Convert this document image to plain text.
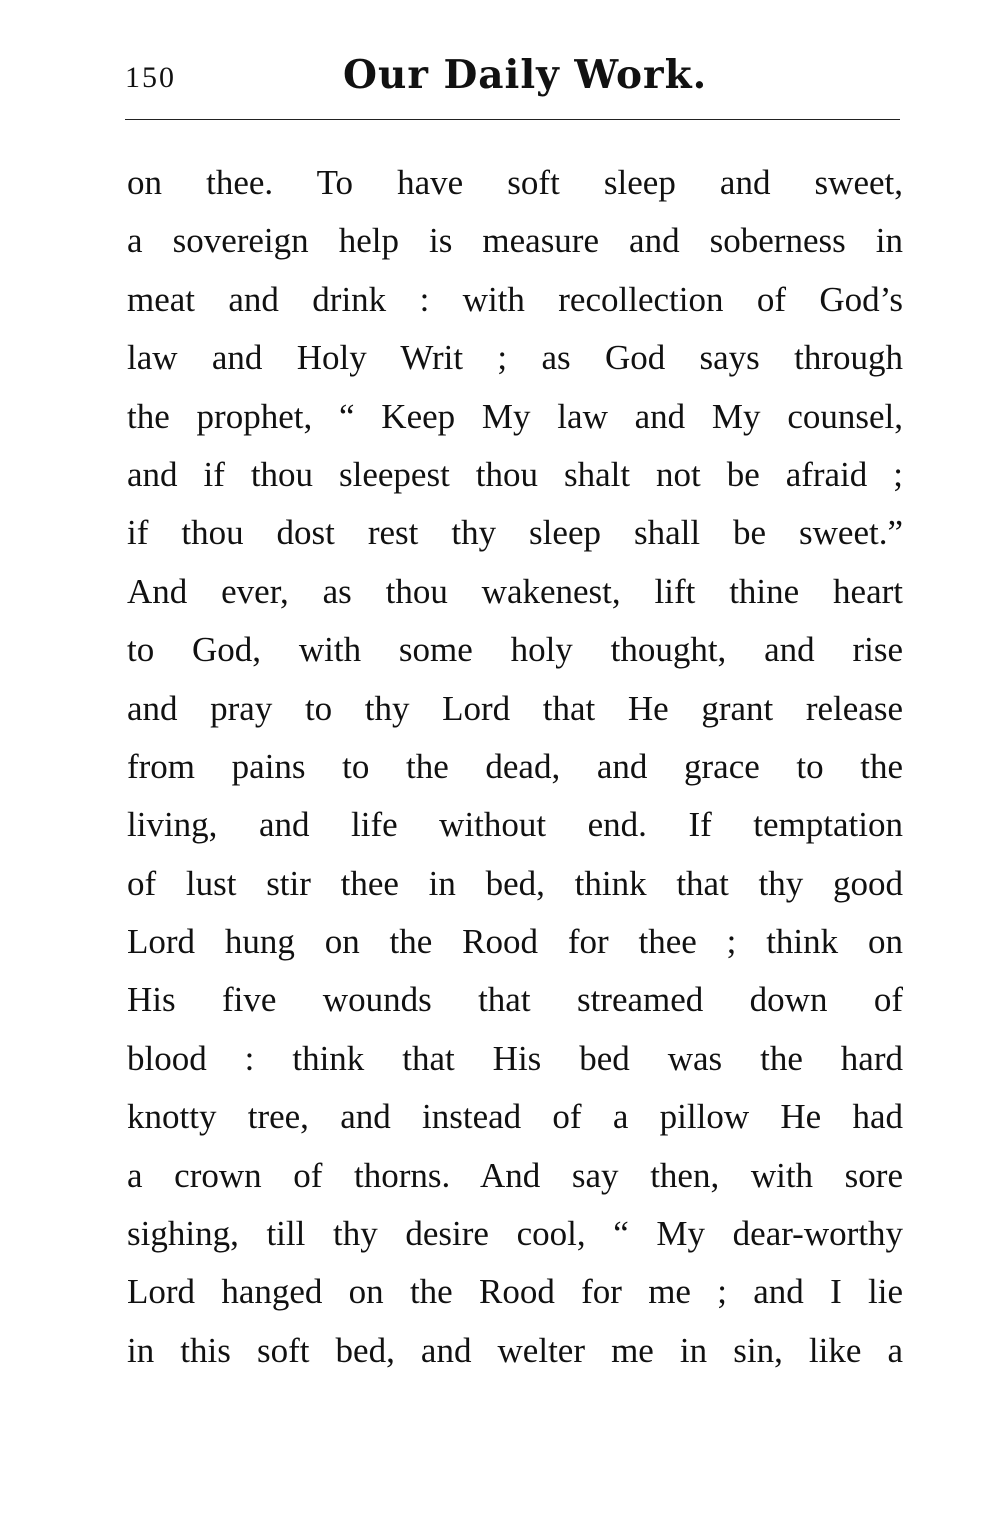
150	Our Daily Work.
on thee. To have soft sleep and sweet,
a sovereign help is measure and soberness in
meat and drink : with recollection of God’s
law and Holy Writ ; as God says through
the prophet, “ Keep My law and My counsel,
and if thou sleepest thou shalt not be afraid ;
if thou dost rest thy sleep shall be sweet.”
And ever, as thou wakenest, lift thine heart
to God, with some holy thought, and rise
and pray to thy Lord that He grant release
from pains to the dead, and grace to the
living, and life without end. If temptation
of lust stir thee in bed, think that thy good
Lord hung on the Rood for thee ; think on
His five wounds that streamed down of
blood : think that His bed was the hard
knotty tree, and instead of a pillow He had
a crown of thorns. And say then, with sore
sighing, till thy desire cool, “ My dear-worthy
Lord hanged on the Rood for me ; and I lie
in this soft bed, and welter me in sin, like a
